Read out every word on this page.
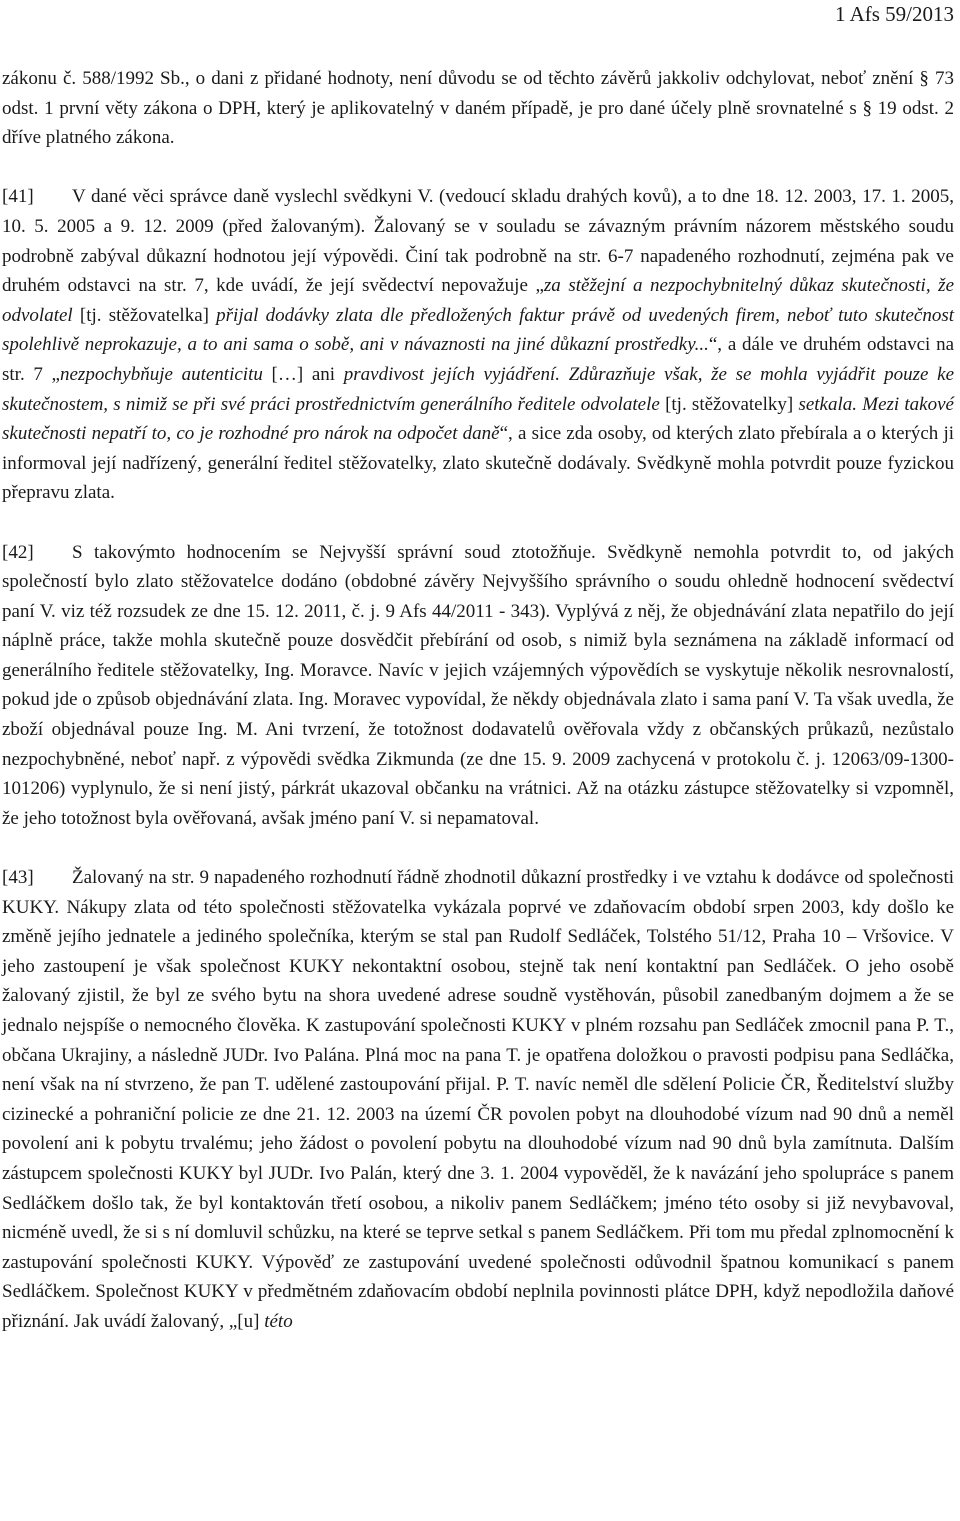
1 Afs 59/2013

zákonu č. 588/1992 Sb., o dani z přidané hodnoty, není důvodu se od těchto závěrů jakkoliv odchylovat, neboť znění § 73 odst. 1 první věty zákona o DPH, který je aplikovatelný v daném případě, je pro dané účely plně srovnatelné s § 19 odst. 2 dříve platného zákona.

[41] V dané věci správce daně vyslechl svědkyni V. (vedoucí skladu drahých kovů), a to dne 18. 12. 2003, 17. 1. 2005, 10. 5. 2005 a 9. 12. 2009 (před žalovaným). Žalovaný se v souladu se závazným právním názorem městského soudu podrobně zabýval důkazní hodnotou její výpovědi. Činí tak podrobně na str. 6-7 napadeného rozhodnutí, zejména pak ve druhém odstavci na str. 7, kde uvádí, že její svědectví nepovažuje „za stěžejní a nezpochybnitelný důkaz skutečnosti, že odvolatel [tj. stěžovatelka] přijal dodávky zlata dle předložených faktur právě od uvedených firem, neboť tuto skutečnost spolehlivě neprokazuje, a to ani sama o sobě, ani v návaznosti na jiné důkazní prostředky...“, a dále ve druhém odstavci na str. 7 „nezpochybňuje autenticitu […] ani pravdivost jejích vyjádření. Zdůrazňuje však, že se mohla vyjádřit pouze ke skutečnostem, s nimiž se při své práci prostřednictvím generálního ředitele odvolatele [tj. stěžovatelky] setkala. Mezi takové skutečnosti nepatří to, co je rozhodné pro nárok na odpočet daně“, a sice zda osoby, od kterých zlato přebírala a o kterých ji informoval její nadřízený, generální ředitel stěžovatelky, zlato skutečně dodávaly. Svědkyně mohla potvrdit pouze fyzickou přepravu zlata.

[42] S takovýmto hodnocením se Nejvyšší správní soud ztotožňuje. Svědkyně nemohla potvrdit to, od jakých společností bylo zlato stěžovatelce dodáno (obdobné závěry Nejvyššího správního o soudu ohledně hodnocení svědectví paní V. viz též rozsudek ze dne 15. 12. 2011, č. j. 9 Afs 44/2011 - 343). Vyplývá z něj, že objednávání zlata nepatřilo do její náplně práce, takže mohla skutečně pouze dosvědčit přebírání od osob, s nimiž byla seznámena na základě informací od generálního ředitele stěžovatelky, Ing. Moravce. Navíc v jejich vzájemných výpovědích se vyskytuje několik nesrovnalostí, pokud jde o způsob objednávání zlata. Ing. Moravec vypovídal, že někdy objednávala zlato i sama paní V. Ta však uvedla, že zboží objednával pouze Ing. M. Ani tvrzení, že totožnost dodavatelů ověřovala vždy z občanských průkazů, nezůstalo nezpochybněné, neboť např. z výpovědi svědka Zikmunda (ze dne 15. 9. 2009 zachycená v protokolu č. j. 12063/09-1300-101206) vyplynulo, že si není jistý, párkrát ukazoval občanku na vrátnici. Až na otázku zástupce stěžovatelky si vzpomněl, že jeho totožnost byla ověřovaná, avšak jméno paní V. si nepamatoval.

[43] Žalovaný na str. 9 napadeného rozhodnutí řádně zhodnotil důkazní prostředky i ve vztahu k dodávce od společnosti KUKY. Nákupy zlata od této společnosti stěžovatelka vykázala poprvé ve zdaňovacím období srpen 2003, kdy došlo ke změně jejího jednatele a jediného společníka, kterým se stal pan Rudolf Sedláček, Tolstého 51/12, Praha 10 – Vršovice. V jeho zastoupení je však společnost KUKY nekontaktní osobou, stejně tak není kontaktní pan Sedláček. O jeho osobě žalovaný zjistil, že byl ze svého bytu na shora uvedené adrese soudně vystěhován, působil zanedbaným dojmem a že se jednalo nejspíše o nemocného člověka. K zastupování společnosti KUKY v plném rozsahu pan Sedláček zmocnil pana P. T., občana Ukrajiny, a následně JUDr. Ivo Palána. Plná moc na pana T. je opatřena doložkou o pravosti podpisu pana Sedláčka, není však na ní stvrzeno, že pan T. udělené zastoupování přijal. P. T. navíc neměl dle sdělení Policie ČR, Ředitelství služby cizinecké a pohraniční policie ze dne 21. 12. 2003 na území ČR povolen pobyt na dlouhodobé vízum nad 90 dnů a neměl povolení ani k pobytu trvalému; jeho žádost o povolení pobytu na dlouhodobé vízum nad 90 dnů byla zamítnuta. Dalším zástupcem společnosti KUKY byl JUDr. Ivo Palán, který dne 3. 1. 2004 vypověděl, že k navázání jeho spolupráce s panem Sedláčkem došlo tak, že byl kontaktován třetí osobou, a nikoliv panem Sedláčkem; jméno této osoby si již nevybavoval, nicméně uvedl, že si s ní domluvil schůzku, na které se teprve setkal s panem Sedláčkem. Při tom mu předal zplnomocnění k zastupování společnosti KUKY. Výpověď ze zastupování uvedené společnosti odůvodnil špatnou komunikací s panem Sedláčkem. Společnost KUKY v předmětném zdaňovacím období neplnila povinnosti plátce DPH, když nepodložila daňové přiznání. Jak uvádí žalovaný, „[u] této
